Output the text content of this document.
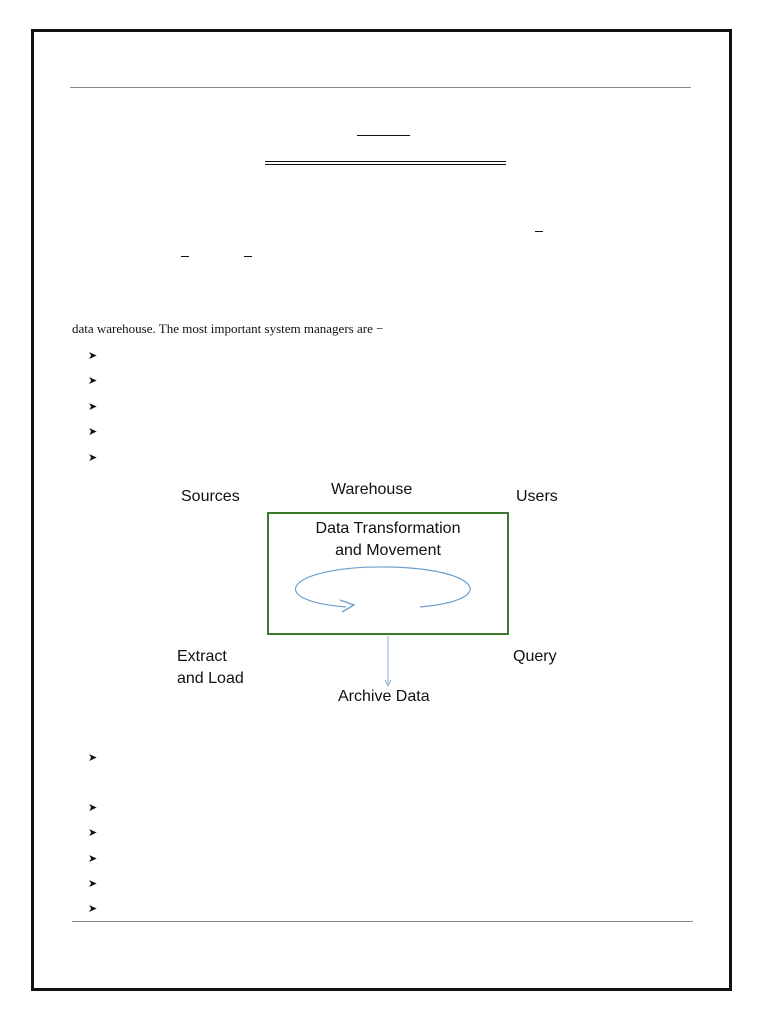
data warehouse. The most important system managers are −
➤
➤
➤
➤
➤
Sources	Warehouse	Users
Data Transformation
and Movement
Extract
and Load
Query
Archive Data
➤
➤
➤
➤
➤
➤
